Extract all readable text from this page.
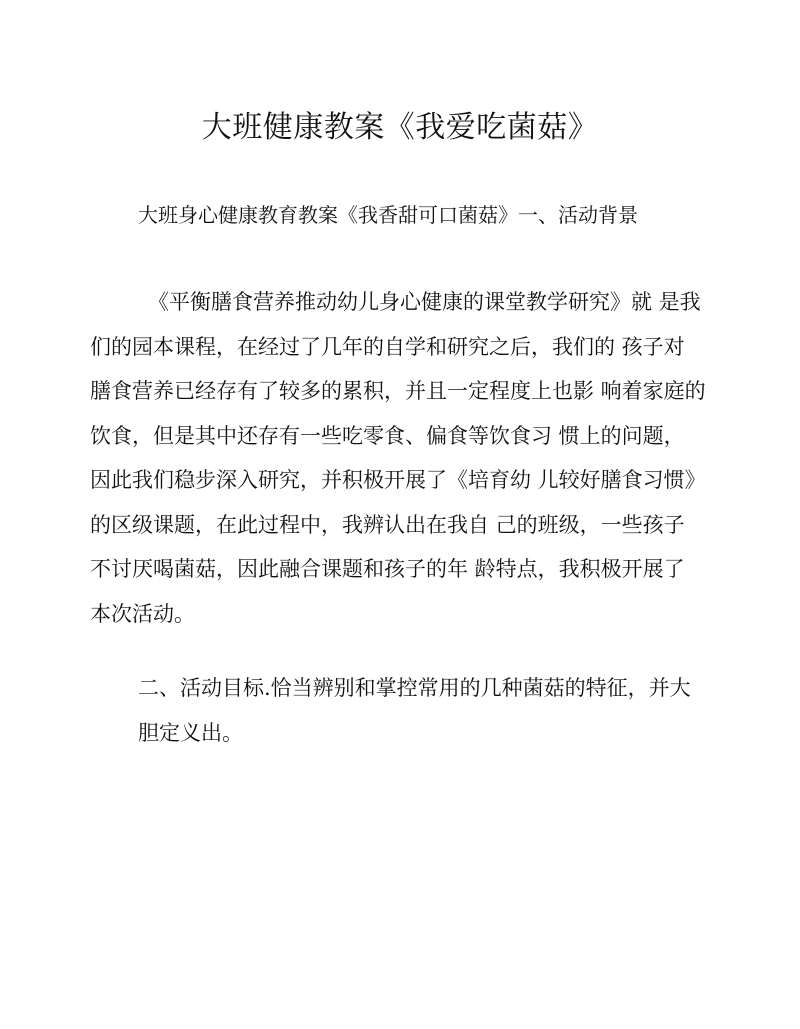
大班健康教案《我爱吃菌菇》
大班身心健康教育教案《我香甜可口菌菇》一、活动背景
《平衡膳食营养推动幼儿身心健康的课堂教学研究》就 是我
们的园本课程，在经过了几年的自学和研究之后，我们的 孩子对
膳食营养已经存有了较多的累积，并且一定程度上也影 响着家庭的
饮食，但是其中还存有一些吃零食、偏食等饮食习 惯上的问题，
因此我们稳步深入研究，并积极开展了《培育幼 儿较好膳食习惯》
的区级课题，在此过程中，我辨认出在我自 己的班级，一些孩子
不讨厌喝菌菇，因此融合课题和孩子的年 龄特点，我积极开展了
本次活动。
二、活动目标.恰当辨别和掌控常用的几种菌菇的特征，并大
胆定义出。
